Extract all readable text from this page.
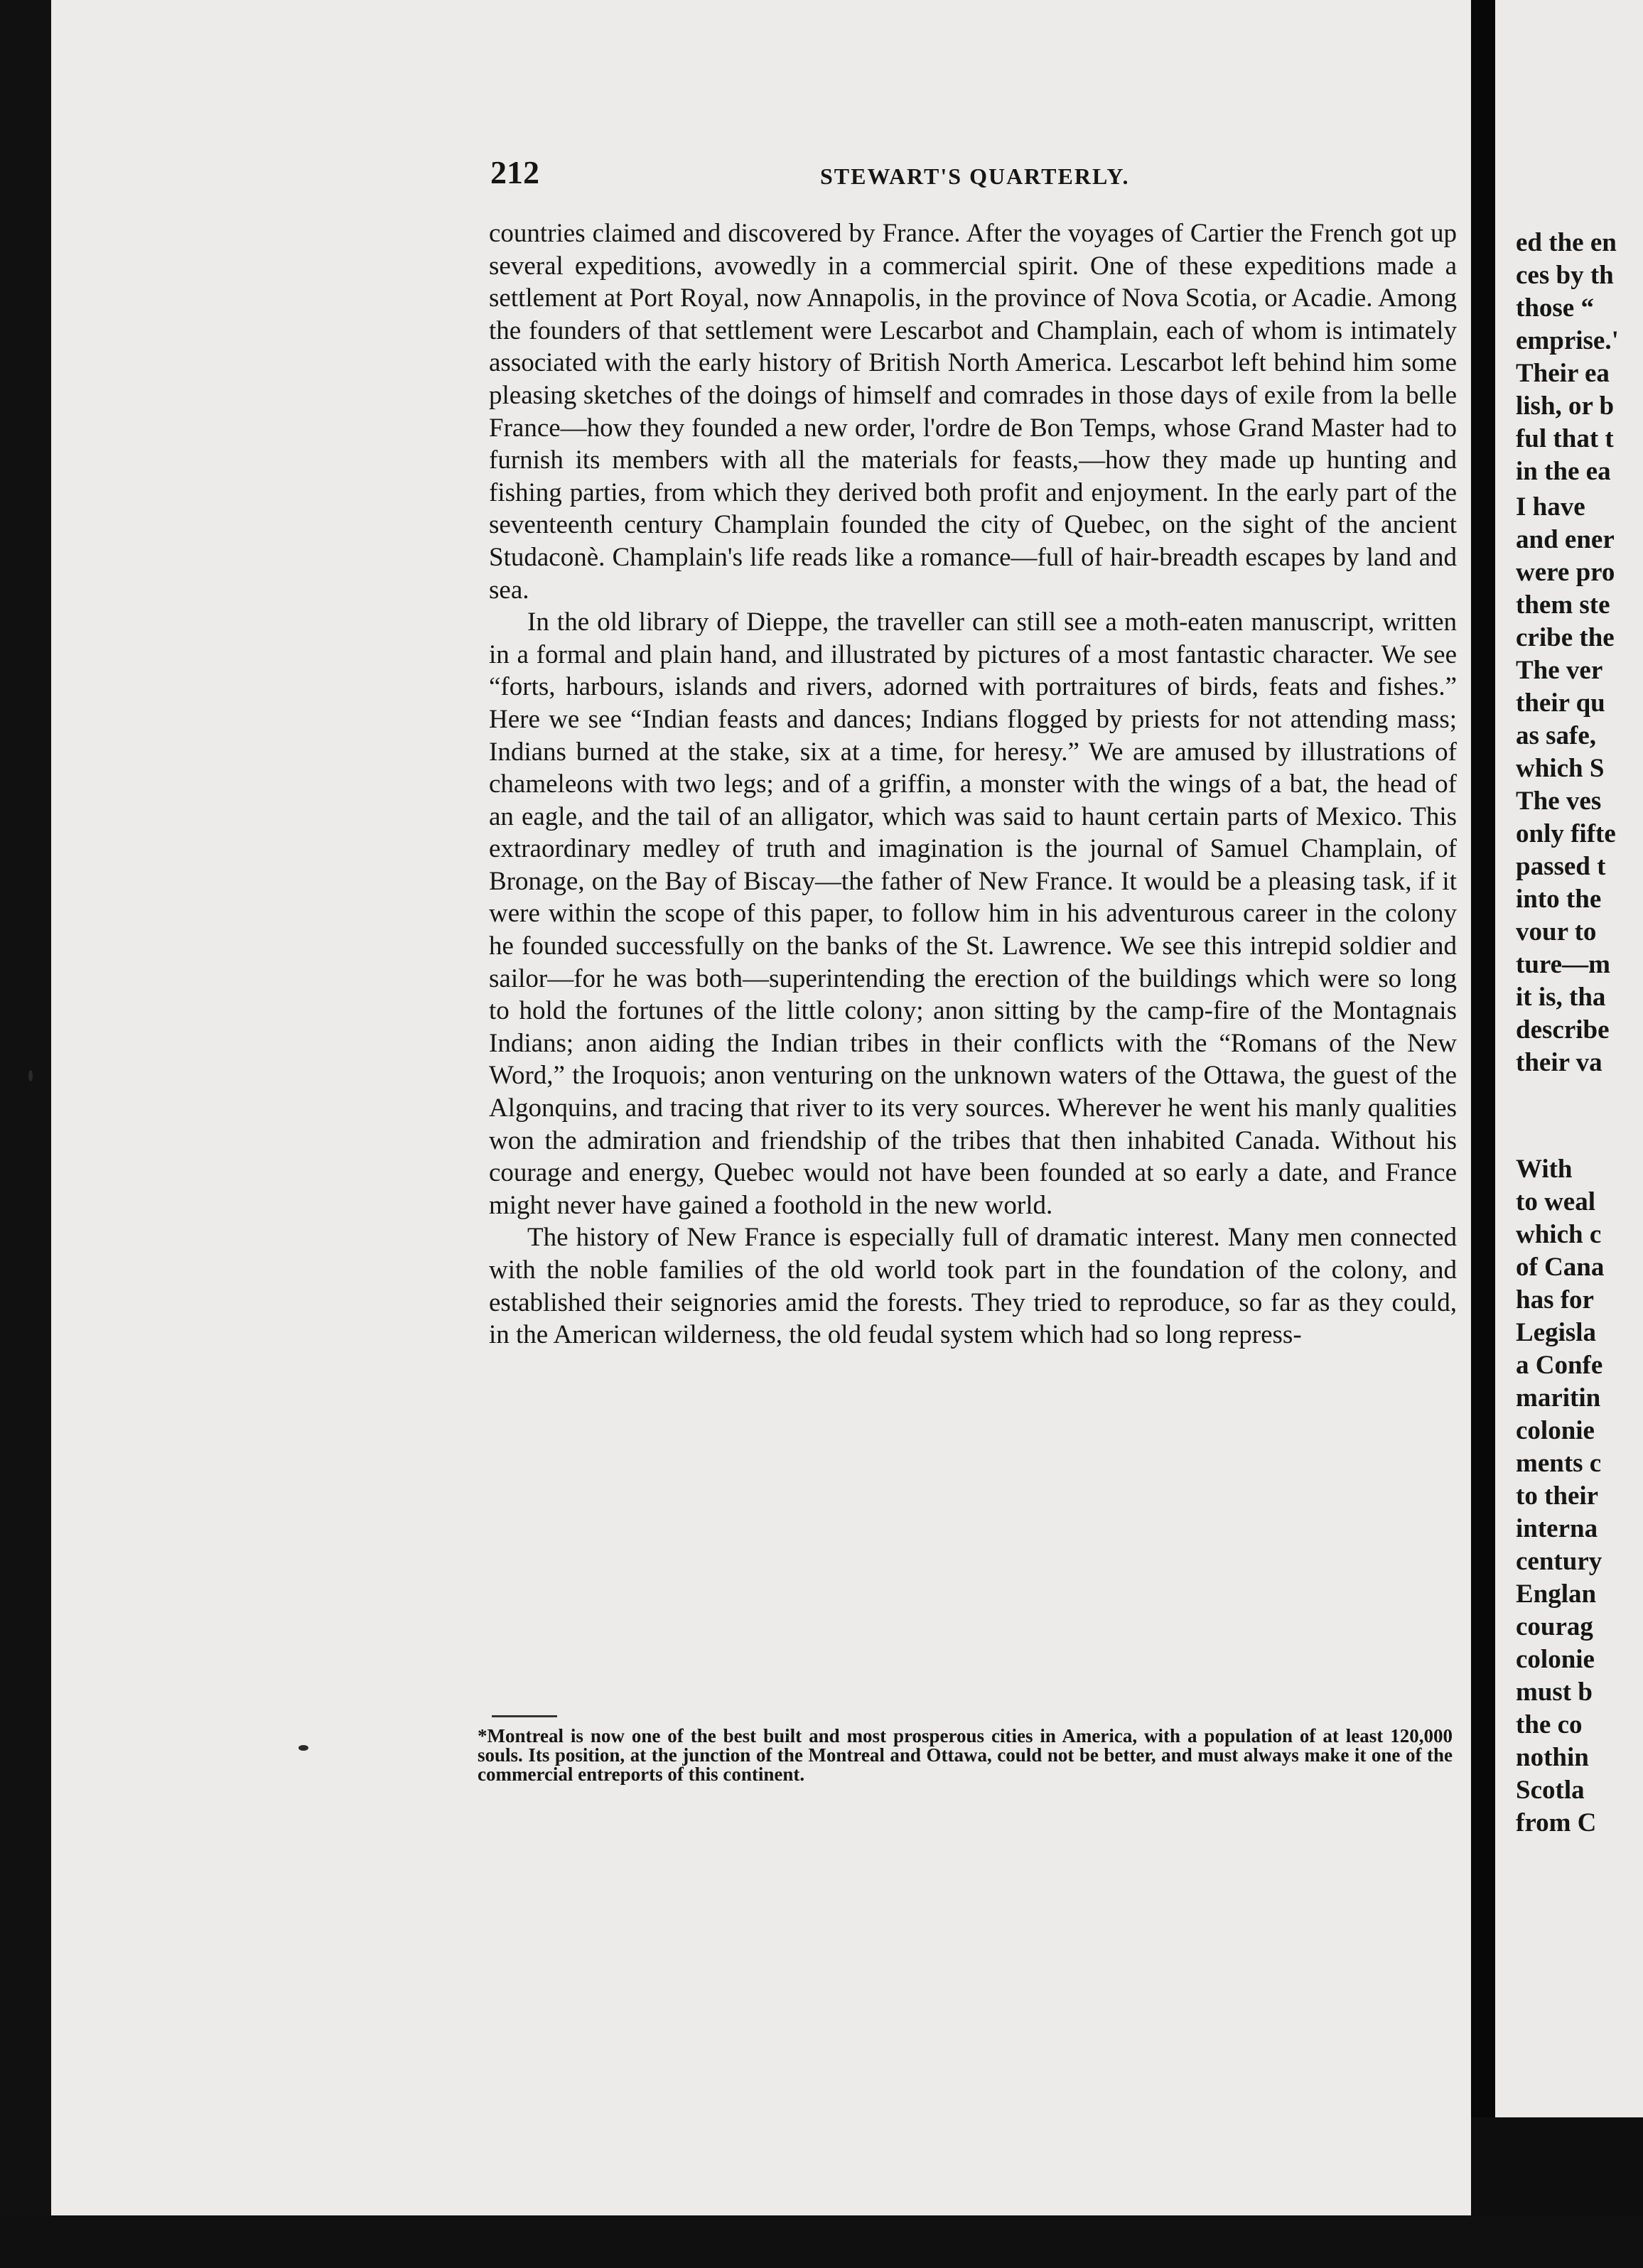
212	STEWART'S QUARTERLY.

countries claimed and discovered by France. After the voyages of Cartier the French got up several expeditions, avowedly in a commercial spirit. One of these expeditions made a settlement at Port Royal, now Annapolis, in the province of Nova Scotia, or Acadie. Among the founders of that settlement were Lescarbot and Champlain, each of whom is intimately associated with the early history of British North America. Lescarbot left behind him some pleasing sketches of the doings of himself and comrades in those days of exile from la belle France—how they founded a new order, l'ordre de Bon Temps, whose Grand Master had to furnish its members with all the materials for feasts,—how they made up hunting and fishing parties, from which they derived both profit and enjoyment. In the early part of the seventeenth century Champlain founded the city of Quebec, on the sight of the ancient Studaconè. Champlain's life reads like a romance—full of hair-breadth escapes by land and sea.

In the old library of Dieppe, the traveller can still see a moth-eaten manuscript, written in a formal and plain hand, and illustrated by pictures of a most fantastic character. We see “forts, harbours, islands and rivers, adorned with portraitures of birds, feats and fishes.” Here we see “Indian feasts and dances; Indians flogged by priests for not attending mass; Indians burned at the stake, six at a time, for heresy.” We are amused by illustrations of chameleons with two legs; and of a griffin, a monster with the wings of a bat, the head of an eagle, and the tail of an alligator, which was said to haunt certain parts of Mexico. This extraordinary medley of truth and imagination is the journal of Samuel Champlain, of Bronage, on the Bay of Biscay—the father of New France. It would be a pleasing task, if it were within the scope of this paper, to follow him in his adventurous career in the colony he founded successfully on the banks of the St. Lawrence. We see this intrepid soldier and sailor—for he was both—superintending the erection of the buildings which were so long to hold the fortunes of the little colony; anon sitting by the camp-fire of the Montagnais Indians; anon aiding the Indian tribes in their conflicts with the “Romans of the New Word,” the Iroquois; anon venturing on the unknown waters of the Ottawa, the guest of the Algonquins, and tracing that river to its very sources. Wherever he went his manly qualities won the admiration and friendship of the tribes that then inhabited Canada. Without his courage and energy, Quebec would not have been founded at so early a date, and France might never have gained a foothold in the new world.

The history of New France is especially full of dramatic interest. Many men connected with the noble families of the old world took part in the foundation of the colony, and established their seignories amid the forests. They tried to reproduce, so far as they could, in the American wilderness, the old feudal system which had so long repress-

*Montreal is now one of the best built and most prosperous cities in America, with a population of at least 120,000 souls. Its position, at the junction of the Montreal and Ottawa, could not be better, and must always make it one of the commercial entreports of this continent.

ed the en
ces by th
those “
emprise.'
Their ea
lish, or b
ful that t
in the ea
I have
and ener
were pro
them ste
cribe the
The ver
their qu
as safe,
which S
The ves
only fifte
passed t
into the
vour to
ture—m
it is, tha
describe
their va
With
to weal
which c
of Cana
has for
Legisla
a Confe
maritin
colonie
ments c
to their
interna
century
Englan
courag
colonie
must b
the co
nothin
Scotla
from C
